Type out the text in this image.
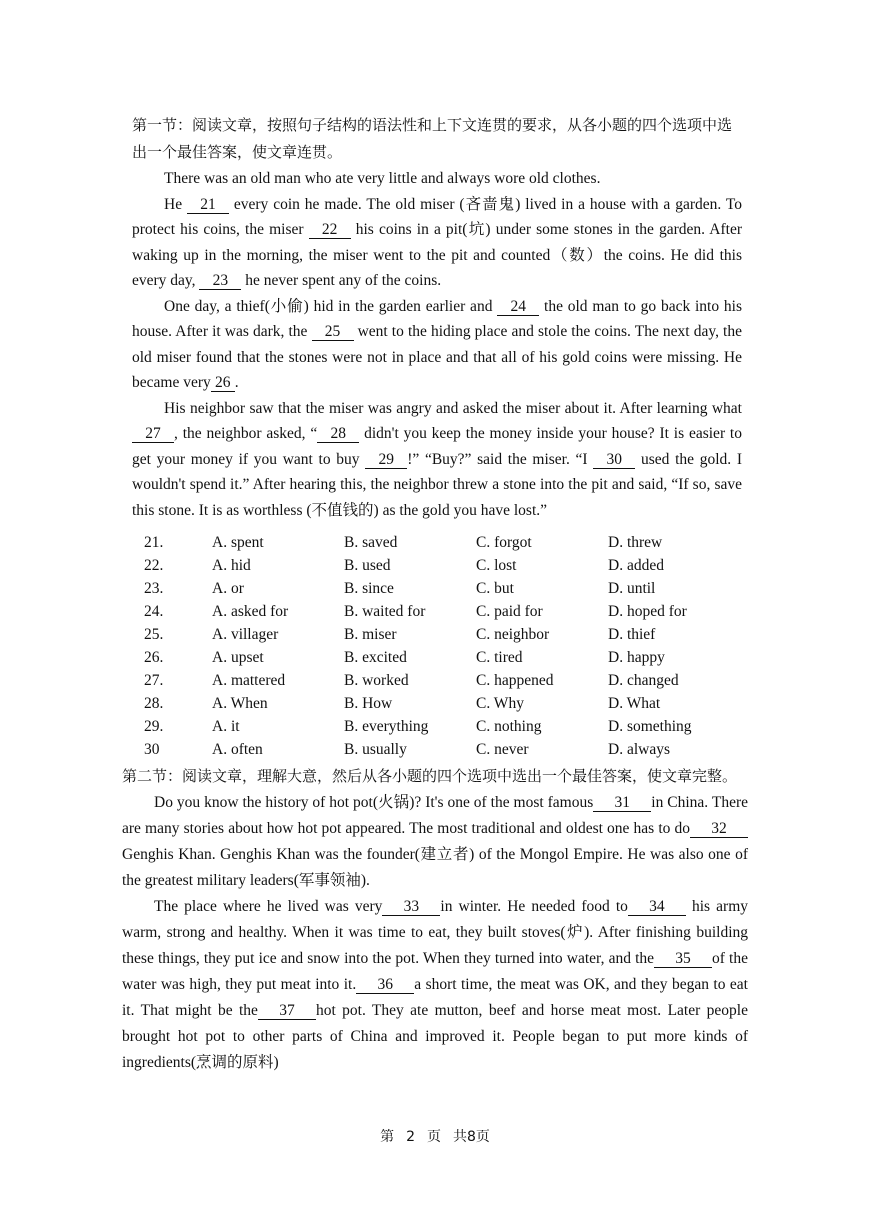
第一节：阅读文章，按照句子结构的语法性和上下文连贯的要求，从各小题的四个选项中选出一个最佳答案，使文章连贯。

There was an old man who ate very little and always wore old clothes.

He 21 every coin he made. The old miser (吝啬鬼) lived in a house with a garden. To protect his coins, the miser 22 his coins in a pit(坑) under some stones in the garden. After waking up in the morning, the miser went to the pit and counted（数）the coins. He did this every day, 23 he never spent any of the coins.

One day, a thief(小偷) hid in the garden earlier and 24 the old man to go back into his house. After it was dark, the 25 went to the hiding place and stole the coins. The next day, the old miser found that the stones were not in place and that all of his gold coins were missing. He became very 26 .

His neighbor saw that the miser was angry and asked the miser about it. After learning what 27 , the neighbor asked, “ 28 didn't you keep the money inside your house? It is easier to get your money if you want to buy 29 !” “Buy?” said the miser. “I 30 used the gold. I wouldn't spend it.” After hearing this, the neighbor threw a stone into the pit and said, “If so, save this stone. It is as worthless (不值钱的) as the gold you have lost.”

21.	A. spent	B. saved	C. forgot	D. threw
22.	A. hid	B. used	C. lost	D. added
23.	A. or	B. since	C. but	D. until
24.	A. asked for	B. waited for	C. paid for	D. hoped for
25.	A. villager	B. miser	C. neighbor	D. thief
26.	A. upset	B. excited	C. tired	D. happy
27.	A. mattered	B. worked	C. happened	D. changed
28.	A. When	B. How	C. Why	D. What
29.	A. it	B. everything	C. nothing	D. something
30	A. often	B. usually	C. never	D. always

第二节：阅读文章，理解大意，然后从各小题的四个选项中选出一个最佳答案，使文章完整。

Do you know the history of hot pot(火锅)? It's one of the most famous 31 in China. There are many stories about how hot pot appeared. The most traditional and oldest one has to do 32Genghis Khan. Genghis Khan was the founder(建立者) of the Mongol Empire. He was also one of the greatest military leaders(军事领袖).

The place where he lived was very 33 in winter. He needed food to 34 his army warm, strong and healthy. When it was time to eat, they built stoves(炉). After finishing building these things, they put ice and snow into the pot. When they turned into water, and the 35 of the water was high, they put meat into it. 36 a short time, the meat was OK, and they began to eat it. That might be the 37 hot pot. They ate mutton, beef and horse meat most. Later people brought hot pot to other parts of China and improved it. People began to put more kinds of ingredients(烹调的原料)

第 2 页 共8页
